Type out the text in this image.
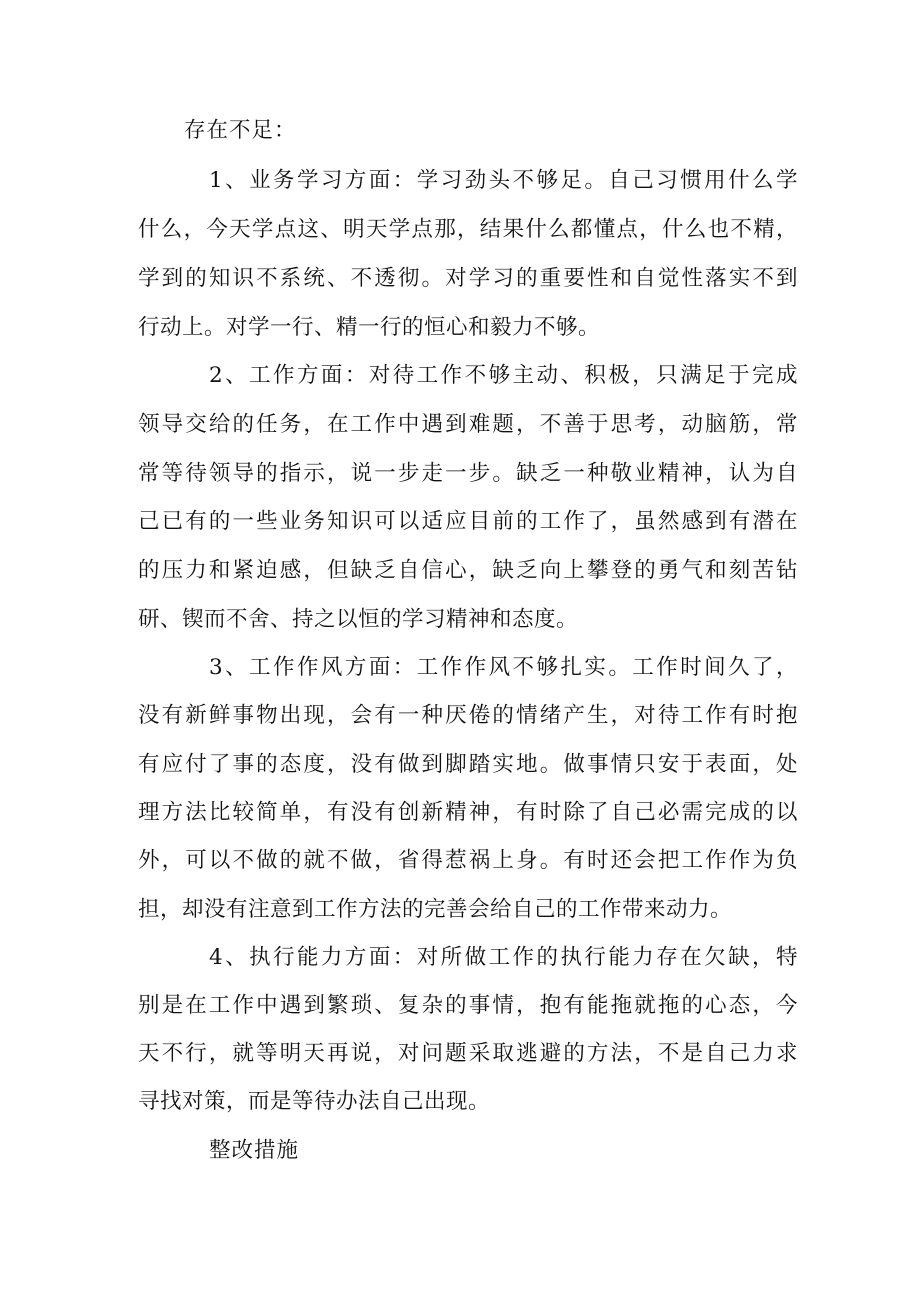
存在不足：
1、业务学习方面：学习劲头不够足。自己习惯用什么学
什么，今天学点这、明天学点那，结果什么都懂点，什么也不精，
学到的知识不系统、不透彻。对学习的重要性和自觉性落实不到
行动上。对学一行、精一行的恒心和毅力不够。
2、工作方面：对待工作不够主动、积极，只满足于完成
领导交给的任务，在工作中遇到难题，不善于思考，动脑筋，常
常等待领导的指示，说一步走一步。缺乏一种敬业精神，认为自
己已有的一些业务知识可以适应目前的工作了，虽然感到有潜在
的压力和紧迫感，但缺乏自信心，缺乏向上攀登的勇气和刻苦钻
研、锲而不舍、持之以恒的学习精神和态度。
3、工作作风方面：工作作风不够扎实。工作时间久了，
没有新鲜事物出现，会有一种厌倦的情绪产生，对待工作有时抱
有应付了事的态度，没有做到脚踏实地。做事情只安于表面，处
理方法比较简单，有没有创新精神，有时除了自己必需完成的以
外，可以不做的就不做，省得惹祸上身。有时还会把工作作为负
担，却没有注意到工作方法的完善会给自己的工作带来动力。
4、执行能力方面：对所做工作的执行能力存在欠缺，特
别是在工作中遇到繁琐、复杂的事情，抱有能拖就拖的心态，今
天不行，就等明天再说，对问题采取逃避的方法，不是自己力求
寻找对策，而是等待办法自己出现。
整改措施
